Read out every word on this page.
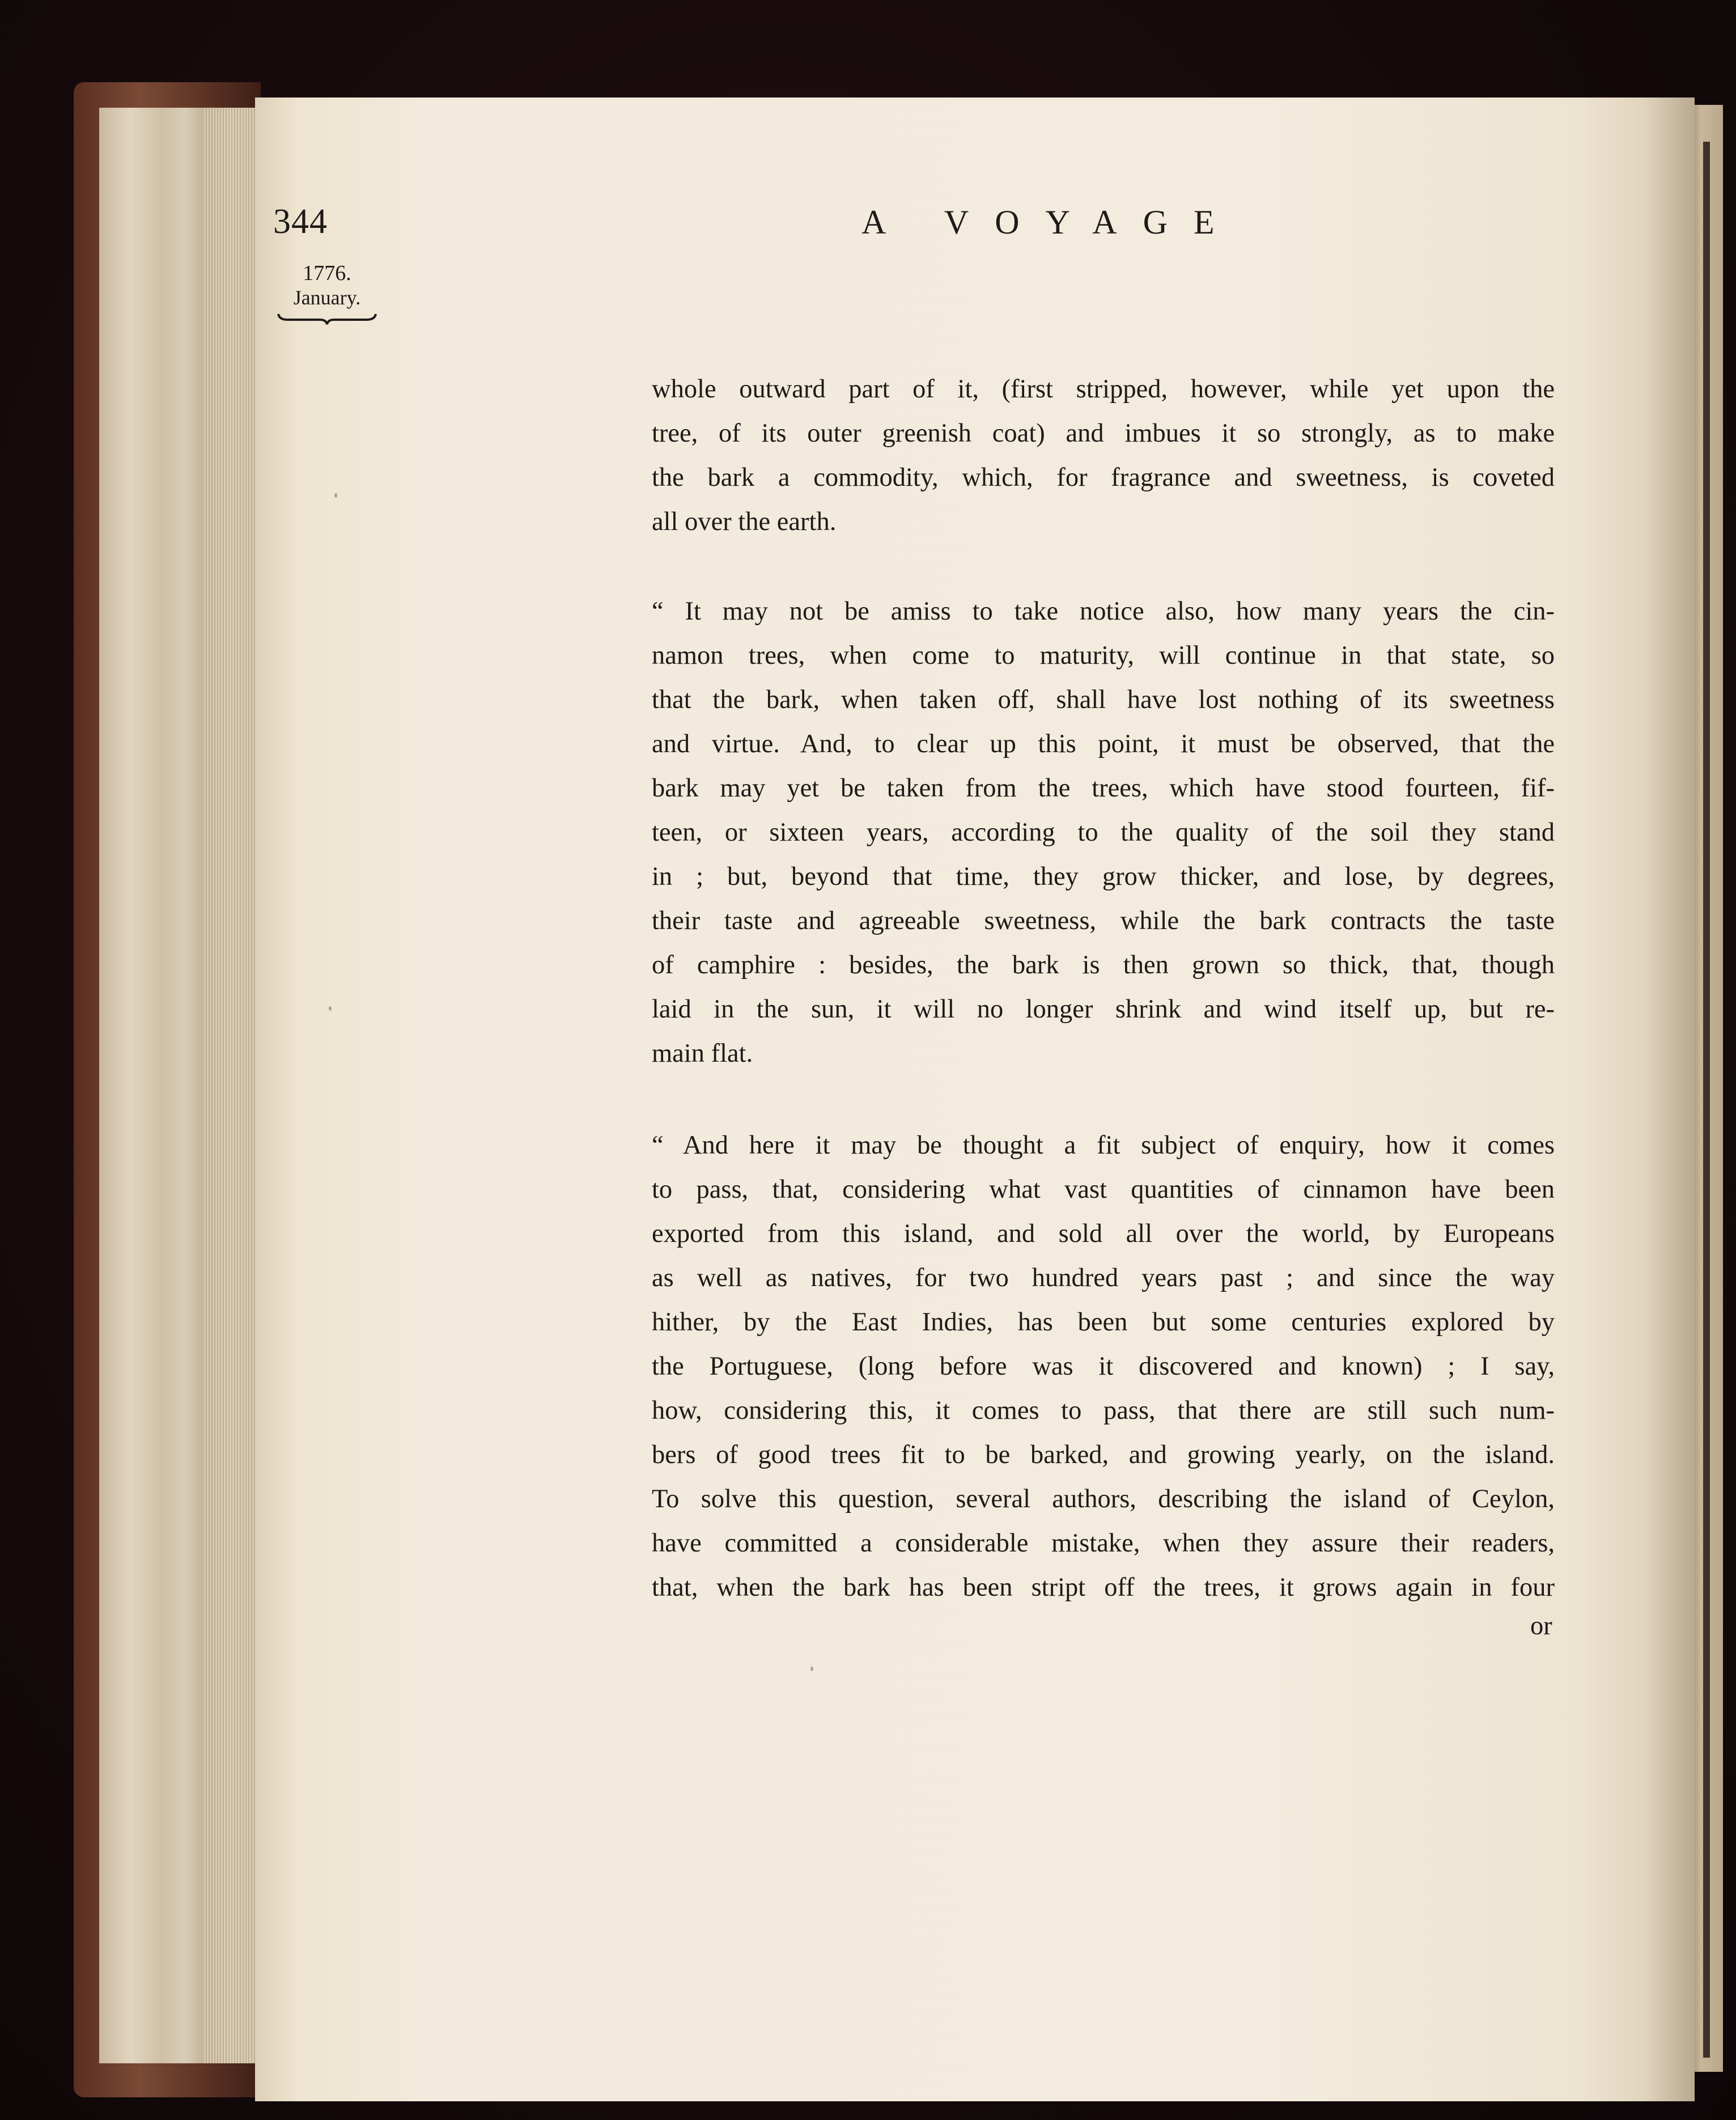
344	A VOYAGE
1776.
January.
whole outward part of it, (first stripped, however, while yet upon the
tree, of its outer greenish coat) and imbues it so strongly, as to make
the bark a commodity, which, for fragrance and sweetness, is coveted
all over the earth.
“ It may not be amiss to take notice also, how many years the cin-
namon trees, when come to maturity, will continue in that state, so
that the bark, when taken off, shall have lost nothing of its sweetness
and virtue. And, to clear up this point, it must be observed, that the
bark may yet be taken from the trees, which have stood fourteen, fif-
teen, or sixteen years, according to the quality of the soil they stand
in ; but, beyond that time, they grow thicker, and lose, by degrees,
their taste and agreeable sweetness, while the bark contracts the taste
of camphire : besides, the bark is then grown so thick, that, though
laid in the sun, it will no longer shrink and wind itself up, but re-
main flat.
“ And here it may be thought a fit subject of enquiry, how it comes
to pass, that, considering what vast quantities of cinnamon have been
exported from this island, and sold all over the world, by Europeans
as well as natives, for two hundred years past ; and since the way
hither, by the East Indies, has been but some centuries explored by
the Portuguese, (long before was it discovered and known) ; I say,
how, considering this, it comes to pass, that there are still such num-
bers of good trees fit to be barked, and growing yearly, on the island.
To solve this question, several authors, describing the island of Ceylon,
have committed a considerable mistake, when they assure their readers,
that, when the bark has been stript off the trees, it grows again in four
or
